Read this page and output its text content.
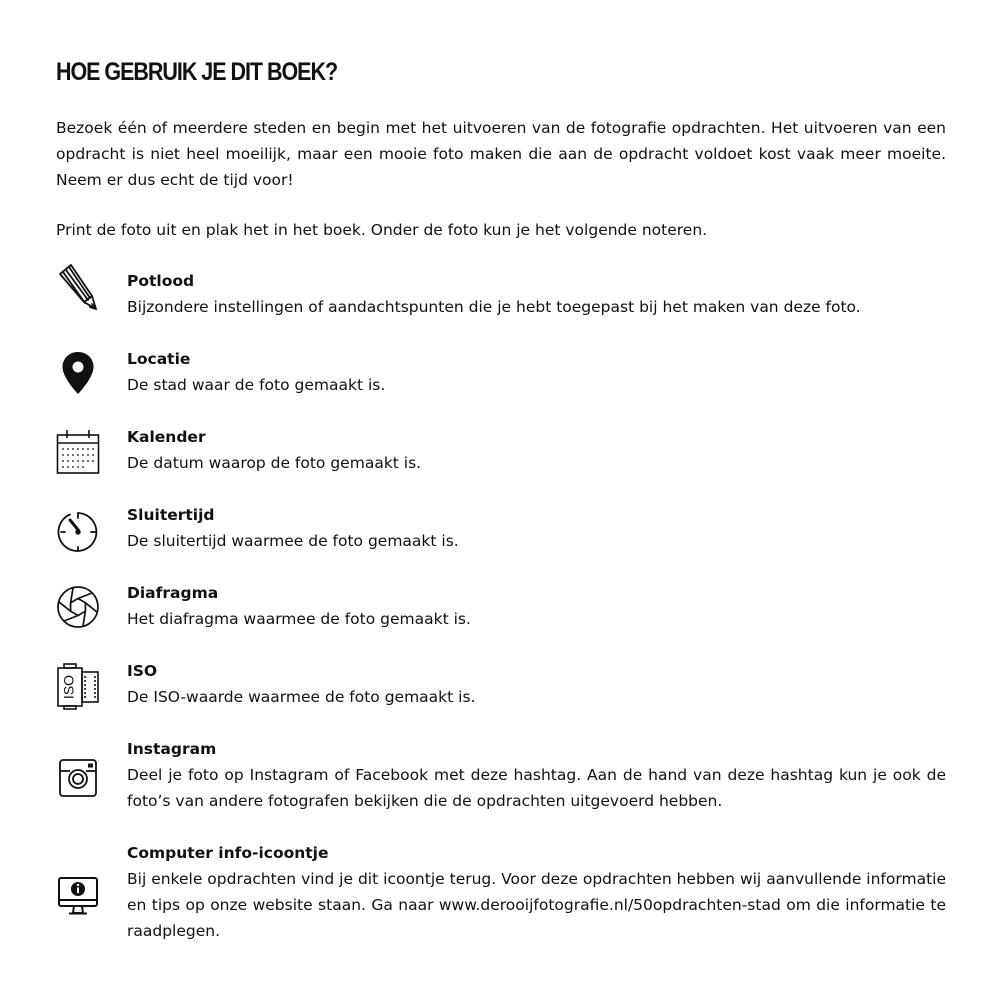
HOE GEBRUIK JE DIT BOEK?

Bezoek één of meerdere steden en begin met het uitvoeren van de fotografie opdrachten. Het uitvoeren van een opdracht is niet heel moeilijk, maar een mooie foto maken die aan de opdracht voldoet kost vaak meer moeite. Neem er dus echt de tijd voor!

Print de foto uit en plak het in het boek. Onder de foto kun je het volgende noteren.

Potlood

Bijzondere instellingen of aandachtspunten die je hebt toegepast bij het maken van deze foto.

Locatie

De stad waar de foto gemaakt is.

Kalender

De datum waarop de foto gemaakt is.

Sluitertijd

De sluitertijd waarmee de foto gemaakt is.

Diafragma

Het diafragma waarmee de foto gemaakt is.

ISO

ISO

De ISO-waarde waarmee de foto gemaakt is.

Instagram

Deel je foto op Instagram of Facebook met deze hashtag. Aan de hand van deze hashtag kun je ook de foto’s van andere fotografen bekijken die de opdrachten uitgevoerd hebben.

Computer info-icoontje

Bij enkele opdrachten vind je dit icoontje terug. Voor deze opdrachten hebben wij aanvullende informatie en tips op onze website staan. Ga naar www.derooijfotografie.nl/50opdrachten-stad om die informatie te raadplegen.
